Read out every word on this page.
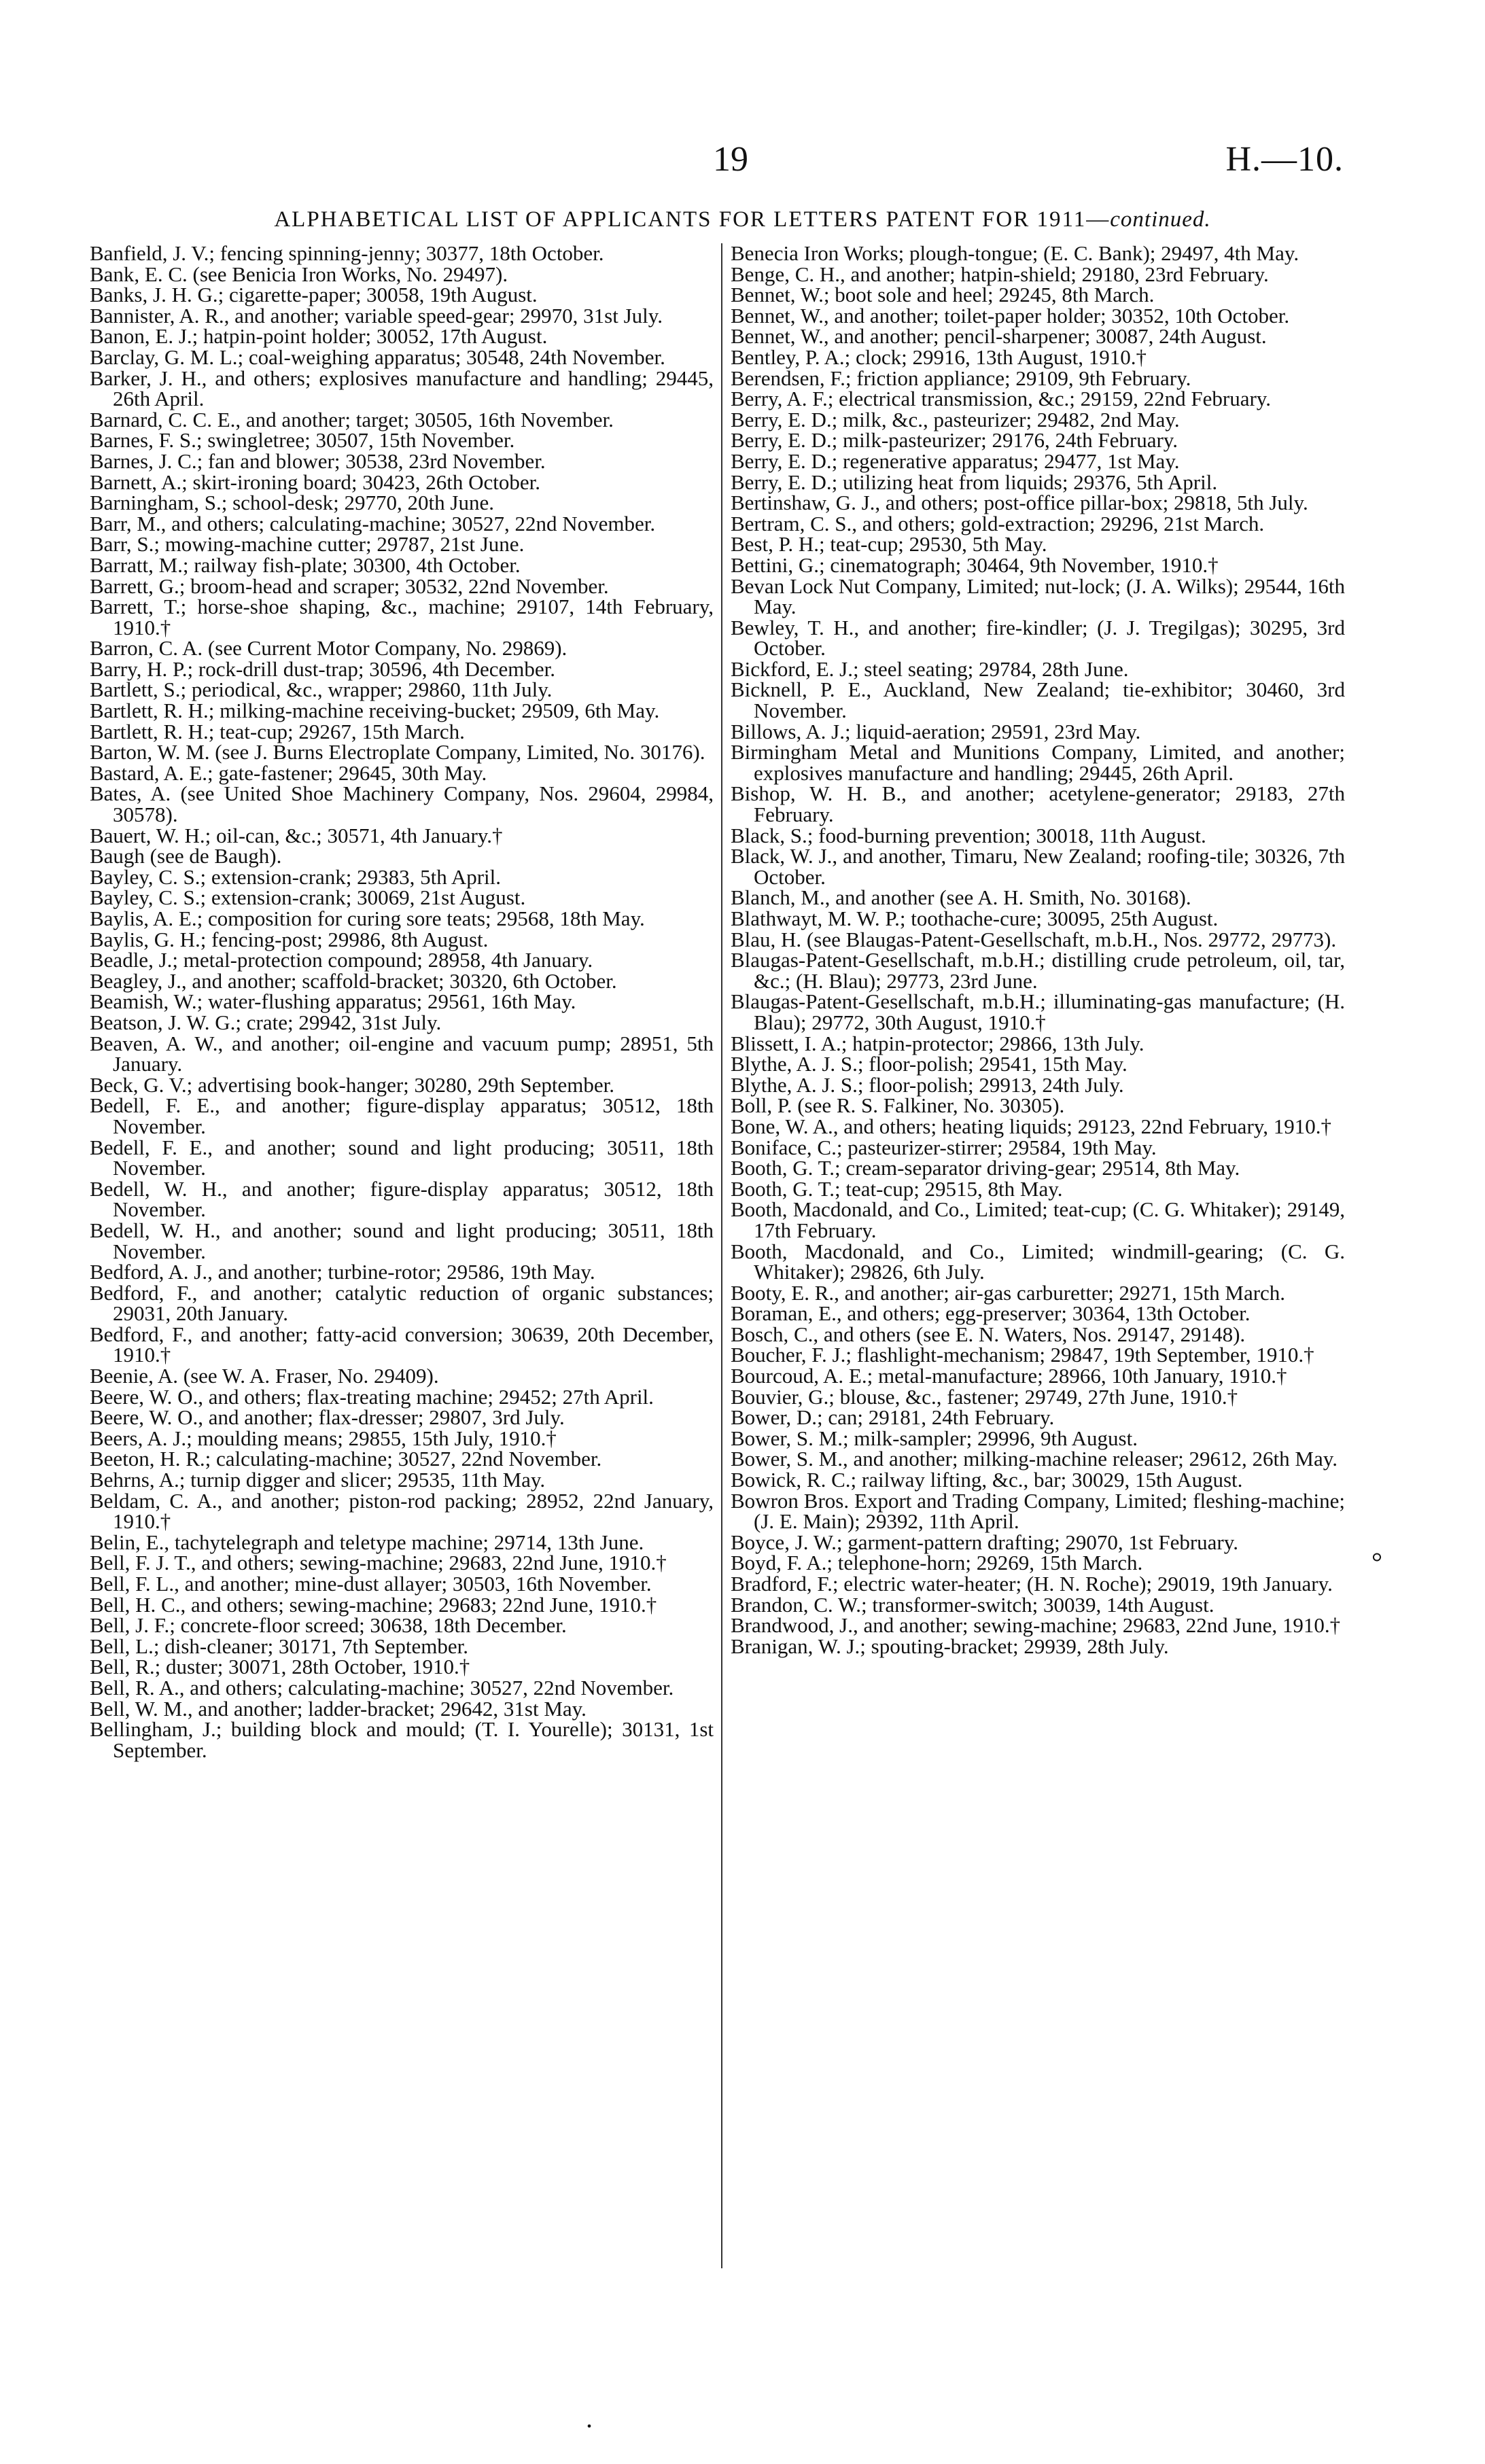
19	H.—10.
ALPHABETICAL LIST OF APPLICANTS FOR LETTERS PATENT FOR 1911—continued.
Banfield, J. V.; fencing spinning-jenny; 30377, 18th October.
Bank, E. C. (see Benicia Iron Works, No. 29497).
Banks, J. H. G.; cigarette-paper; 30058, 19th August.
Bannister, A. R., and another; variable speed-gear; 29970, 31st July.
Banon, E. J.; hatpin-point holder; 30052, 17th August.
Barclay, G. M. L.; coal-weighing apparatus; 30548, 24th November.
Barker, J. H., and others; explosives manufacture and handling; 29445, 26th April.
Barnard, C. C. E., and another; target; 30505, 16th November.
Barnes, F. S.; swingletree; 30507, 15th November.
Barnes, J. C.; fan and blower; 30538, 23rd November.
Barnett, A.; skirt-ironing board; 30423, 26th October.
Barningham, S.; school-desk; 29770, 20th June.
Barr, M., and others; calculating-machine; 30527, 22nd November.
Barr, S.; mowing-machine cutter; 29787, 21st June.
Barratt, M.; railway fish-plate; 30300, 4th October.
Barrett, G.; broom-head and scraper; 30532, 22nd November.
Barrett, T.; horse-shoe shaping, &c., machine; 29107, 14th February, 1910.†
Barron, C. A. (see Current Motor Company, No. 29869).
Barry, H. P.; rock-drill dust-trap; 30596, 4th December.
Bartlett, S.; periodical, &c., wrapper; 29860, 11th July.
Bartlett, R. H.; milking-machine receiving-bucket; 29509, 6th May.
Bartlett, R. H.; teat-cup; 29267, 15th March.
Barton, W. M. (see J. Burns Electroplate Company, Limited, No. 30176).
Bastard, A. E.; gate-fastener; 29645, 30th May.
Bates, A. (see United Shoe Machinery Company, Nos. 29604, 29984, 30578).
Bauert, W. H.; oil-can, &c.; 30571, 4th January.†
Baugh (see de Baugh).
Bayley, C. S.; extension-crank; 29383, 5th April.
Bayley, C. S.; extension-crank; 30069, 21st August.
Baylis, A. E.; composition for curing sore teats; 29568, 18th May.
Baylis, G. H.; fencing-post; 29986, 8th August.
Beadle, J.; metal-protection compound; 28958, 4th January.
Beagley, J., and another; scaffold-bracket; 30320, 6th October.
Beamish, W.; water-flushing apparatus; 29561, 16th May.
Beatson, J. W. G.; crate; 29942, 31st July.
Beaven, A. W., and another; oil-engine and vacuum pump; 28951, 5th January.
Beck, G. V.; advertising book-hanger; 30280, 29th September.
Bedell, F. E., and another; figure-display apparatus; 30512, 18th November.
Bedell, F. E., and another; sound and light producing; 30511, 18th November.
Bedell, W. H., and another; figure-display apparatus; 30512, 18th November.
Bedell, W. H., and another; sound and light producing; 30511, 18th November.
Bedford, A. J., and another; turbine-rotor; 29586, 19th May.
Bedford, F., and another; catalytic reduction of organic substances; 29031, 20th January.
Bedford, F., and another; fatty-acid conversion; 30639, 20th December, 1910.†
Beenie, A. (see W. A. Fraser, No. 29409).
Beere, W. O., and others; flax-treating machine; 29452; 27th April.
Beere, W. O., and another; flax-dresser; 29807, 3rd July.
Beers, A. J.; moulding means; 29855, 15th July, 1910.†
Beeton, H. R.; calculating-machine; 30527, 22nd November.
Behrns, A.; turnip digger and slicer; 29535, 11th May.
Beldam, C. A., and another; piston-rod packing; 28952, 22nd January, 1910.†
Belin, E., tachytelegraph and teletype machine; 29714, 13th June.
Bell, F. J. T., and others; sewing-machine; 29683, 22nd June, 1910.†
Bell, F. L., and another; mine-dust allayer; 30503, 16th November.
Bell, H. C., and others; sewing-machine; 29683; 22nd June, 1910.†
Bell, J. F.; concrete-floor screed; 30638, 18th December.
Bell, L.; dish-cleaner; 30171, 7th September.
Bell, R.; duster; 30071, 28th October, 1910.†
Bell, R. A., and others; calculating-machine; 30527, 22nd November.
Bell, W. M., and another; ladder-bracket; 29642, 31st May.
Bellingham, J.; building block and mould; (T. I. Yourelle); 30131, 1st September.
Benecia Iron Works; plough-tongue; (E. C. Bank); 29497, 4th May.
Benge, C. H., and another; hatpin-shield; 29180, 23rd February.
Bennet, W.; boot sole and heel; 29245, 8th March.
Bennet, W., and another; toilet-paper holder; 30352, 10th October.
Bennet, W., and another; pencil-sharpener; 30087, 24th August.
Bentley, P. A.; clock; 29916, 13th August, 1910.†
Berendsen, F.; friction appliance; 29109, 9th February.
Berry, A. F.; electrical transmission, &c.; 29159, 22nd February.
Berry, E. D.; milk, &c., pasteurizer; 29482, 2nd May.
Berry, E. D.; milk-pasteurizer; 29176, 24th February.
Berry, E. D.; regenerative apparatus; 29477, 1st May.
Berry, E. D.; utilizing heat from liquids; 29376, 5th April.
Bertinshaw, G. J., and others; post-office pillar-box; 29818, 5th July.
Bertram, C. S., and others; gold-extraction; 29296, 21st March.
Best, P. H.; teat-cup; 29530, 5th May.
Bettini, G.; cinematograph; 30464, 9th November, 1910.†
Bevan Lock Nut Company, Limited; nut-lock; (J. A. Wilks); 29544, 16th May.
Bewley, T. H., and another; fire-kindler; (J. J. Tregilgas); 30295, 3rd October.
Bickford, E. J.; steel seating; 29784, 28th June.
Bicknell, P. E., Auckland, New Zealand; tie-exhibitor; 30460, 3rd November.
Billows, A. J.; liquid-aeration; 29591, 23rd May.
Birmingham Metal and Munitions Company, Limited, and another; explosives manufacture and handling; 29445, 26th April.
Bishop, W. H. B., and another; acetylene-generator; 29183, 27th February.
Black, S.; food-burning prevention; 30018, 11th August.
Black, W. J., and another, Timaru, New Zealand; roofing-tile; 30326, 7th October.
Blanch, M., and another (see A. H. Smith, No. 30168).
Blathwayt, M. W. P.; toothache-cure; 30095, 25th August.
Blau, H. (see Blaugas-Patent-Gesellschaft, m.b.H., Nos. 29772, 29773).
Blaugas-Patent-Gesellschaft, m.b.H.; distilling crude petroleum, oil, tar, &c.; (H. Blau); 29773, 23rd June.
Blaugas-Patent-Gesellschaft, m.b.H.; illuminating-gas manufacture; (H. Blau); 29772, 30th August, 1910.†
Blissett, I. A.; hatpin-protector; 29866, 13th July.
Blythe, A. J. S.; floor-polish; 29541, 15th May.
Blythe, A. J. S.; floor-polish; 29913, 24th July.
Boll, P. (see R. S. Falkiner, No. 30305).
Bone, W. A., and others; heating liquids; 29123, 22nd February, 1910.†
Boniface, C.; pasteurizer-stirrer; 29584, 19th May.
Booth, G. T.; cream-separator driving-gear; 29514, 8th May.
Booth, G. T.; teat-cup; 29515, 8th May.
Booth, Macdonald, and Co., Limited; teat-cup; (C. G. Whitaker); 29149, 17th February.
Booth, Macdonald, and Co., Limited; windmill-gearing; (C. G. Whitaker); 29826, 6th July.
Booty, E. R., and another; air-gas carburetter; 29271, 15th March.
Boraman, E., and others; egg-preserver; 30364, 13th October.
Bosch, C., and others (see E. N. Waters, Nos. 29147, 29148).
Boucher, F. J.; flashlight-mechanism; 29847, 19th September, 1910.†
Bourcoud, A. E.; metal-manufacture; 28966, 10th January, 1910.†
Bouvier, G.; blouse, &c., fastener; 29749, 27th June, 1910.†
Bower, D.; can; 29181, 24th February.
Bower, S. M.; milk-sampler; 29996, 9th August.
Bower, S. M., and another; milking-machine releaser; 29612, 26th May.
Bowick, R. C.; railway lifting, &c., bar; 30029, 15th August.
Bowron Bros. Export and Trading Company, Limited; fleshing-machine; (J. E. Main); 29392, 11th April.
Boyce, J. W.; garment-pattern drafting; 29070, 1st February.
Boyd, F. A.; telephone-horn; 29269, 15th March.
Bradford, F.; electric water-heater; (H. N. Roche); 29019, 19th January.
Brandon, C. W.; transformer-switch; 30039, 14th August.
Brandwood, J., and another; sewing-machine; 29683, 22nd June, 1910.†
Branigan, W. J.; spouting-bracket; 29939, 28th July.
°
.
